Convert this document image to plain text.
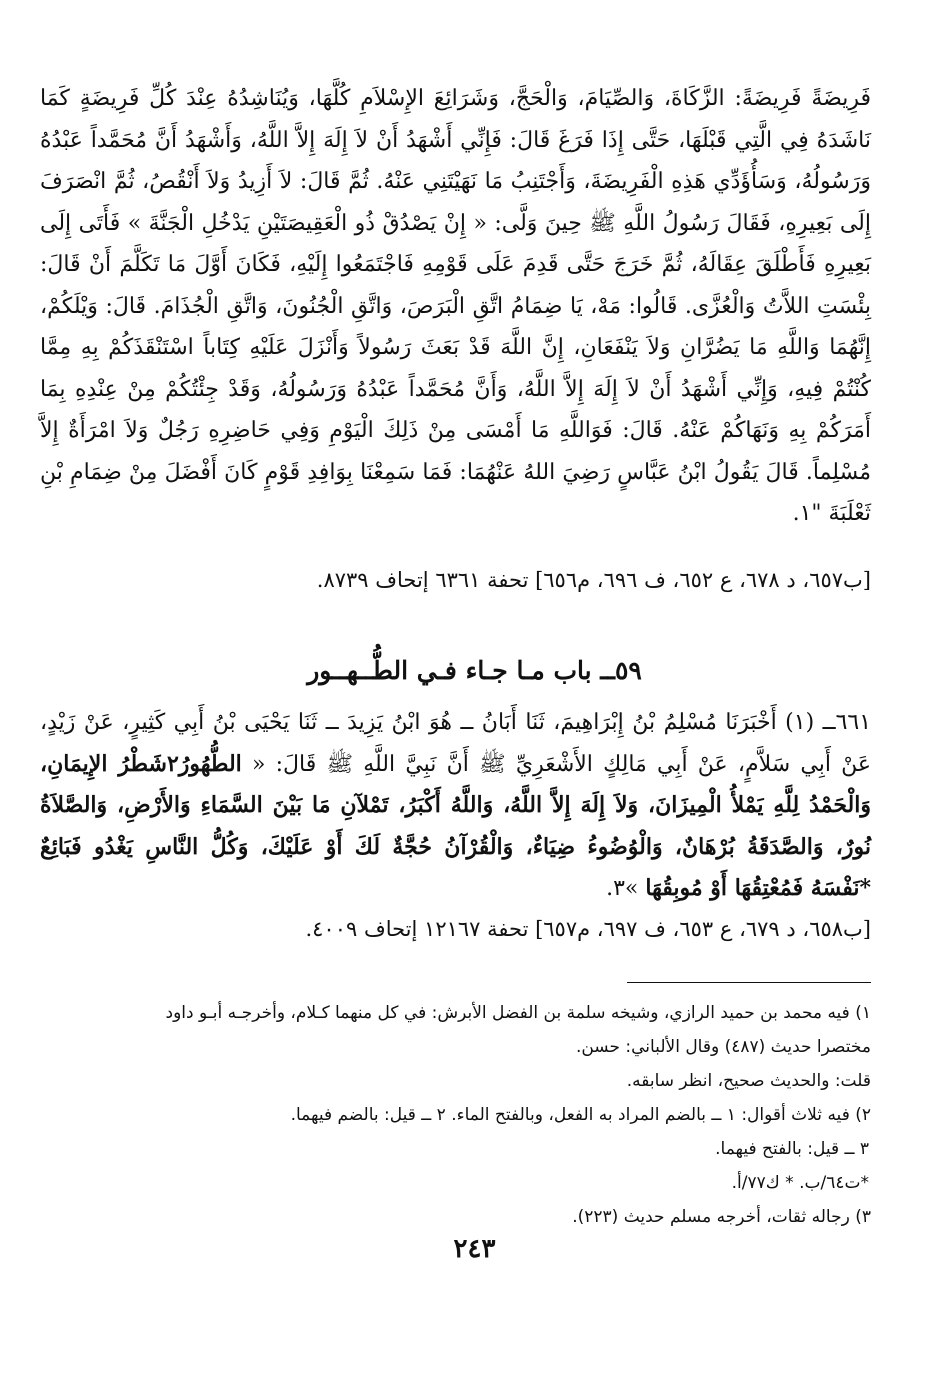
فَرِيضَةً فَرِيضَةً: الزَّكَاةَ، وَالصِّيَامَ، وَالْحَجَّ، وَشَرَائِعَ الإِسْلاَمِ كُلَّهَا، وَيُنَاشِدُهُ عِنْدَ كُلِّ فَرِيضَةٍ كَمَا نَاشَدَهُ فِي الَّتِي قَبْلَهَا، حَتَّى إِذَا فَرَغَ قَالَ: فَإِنِّي أَشْهَدُ أَنْ لاَ إِلَهَ إِلاَّ اللَّهُ، وَأَشْهَدُ أَنَّ مُحَمَّداً عَبْدُهُ وَرَسُولُهُ، وَسَأُؤَدِّي هَذِهِ الْفَرِيضَةَ، وَأَجْتَنِبُ مَا نَهَيْتَنِي عَنْهُ. ثُمَّ قَالَ: لاَ أَزِيدُ وَلاَ أَنْقُصُ، ثُمَّ انْصَرَفَ إِلَى بَعِيرِهِ، فَقَالَ رَسُولُ اللَّهِ ﷺ حِينَ وَلَّى: « إِنْ يَصْدُقْ ذُو الْعَقِيصَتَيْنِ يَدْخُلِ الْجَنَّةَ » فَأَتَى إِلَى بَعِيرِهِ فَأَطْلَقَ عِقَالَهُ، ثُمَّ خَرَجَ حَتَّى قَدِمَ عَلَى قَوْمِهِ فَاجْتَمَعُوا إِلَيْهِ، فَكَانَ أَوَّلَ مَا تَكَلَّمَ أَنْ قَالَ: بِئْسَتِ اللاَّتُ وَالْعُزَّى. قَالُوا: مَهْ، يَا ضِمَامُ اتَّقِ الْبَرَصَ، وَاتَّقِ الْجُنُونَ، وَاتَّقِ الْجُذَامَ. قَالَ: وَيْلَكُمْ، إِنَّهُمَا وَاللَّهِ مَا يَضُرَّانِ وَلاَ يَنْفَعَانِ، إِنَّ اللَّهَ قَدْ بَعَثَ رَسُولاً وَأَنْزَلَ عَلَيْهِ كِتَاباً اسْتَنْقَذَكُمْ بِهِ مِمَّا كُنْتُمْ فِيهِ، وَإِنِّي أَشْهَدُ أَنْ لاَ إِلَهَ إِلاَّ اللَّهُ، وَأَنَّ مُحَمَّداً عَبْدُهُ وَرَسُولُهُ، وَقَدْ جِئْتُكُمْ مِنْ عِنْدِهِ بِمَا أَمَرَكُمْ بِهِ وَنَهَاكُمْ عَنْهُ. قَالَ: فَوَاللَّهِ مَا أَمْسَى مِنْ ذَلِكَ الْيَوْمِ وَفِي حَاضِرِهِ رَجُلٌ وَلاَ امْرَأَةٌ إِلاَّ مُسْلِماً. قَالَ يَقُولُ ابْنُ عَبَّاسٍ رَضِيَ اللهُ عَنْهُمَا: فَمَا سَمِعْنَا بِوَافِدِ قَوْمٍ كَانَ أَفْضَلَ مِنْ ضِمَامِ بْنِ ثَعْلَبَةَ "١.
[ب٦٥٧، د ٦٧٨، ع ٦٥٢، ف ٦٩٦، م٦٥٦] تحفة ٦٣٦١ إتحاف ٨٧٣٩.
٥٩ــ باب مـا جـاء فـي الطُّــهــور
٦٦١ــ (١) أَخْبَرَنَا مُسْلِمُ بْنُ إِبْرَاهِيمَ، ثَنَا أَبَانُ ــ هُوَ ابْنُ يَزِيدَ ــ ثَنَا يَحْيَى بْنُ أَبِي كَثِيرٍ، عَنْ زَيْدٍ، عَنْ أَبِي سَلاَّمٍ، عَنْ أَبِي مَالِكٍ الأَشْعَرِيِّ ﷺ أَنَّ نَبِيَّ اللَّهِ ﷺ قَالَ: « الطُّهُورُ٢شَطْرُ الإِيمَانِ، وَالْحَمْدُ لِلَّهِ يَمْلأُ الْمِيزَانَ، وَلاَ إِلَهَ إِلاَّ اللَّهُ، وَاللَّهُ أَكْبَرُ، تَمْلآنِ مَا بَيْنَ السَّمَاءِ وَالأَرْضِ، وَالصَّلاَةُ نُورٌ، وَالصَّدَقَةُ بُرْهَانٌ، وَالْوُضُوءُ ضِيَاءٌ، وَالْقُرْآنُ حُجَّةٌ لَكَ أَوْ عَلَيْكَ، وَكُلُّ النَّاسِ يَغْدُو فَبَائِعٌ *نَفْسَهُ فَمُعْتِقُهَا أَوْ مُوبِقُهَا »٣.
[ب٦٥٨، د ٦٧٩، ع ٦٥٣، ف ٦٩٧، م٦٥٧] تحفة ١٢١٦٧ إتحاف ٤٠٠٩.
١) فيه محمد بن حميد الرازي، وشيخه سلمة بن الفضل الأبرش: في كل منهما كـلام، وأخرجـه أبـو داود
مختصرا حديث (٤٨٧) وقال الألباني: حسن.
قلت: والحديث صحيح، انظر سابقه.
٢) فيه ثلاث أقوال: ١ ــ بالضم المراد به الفعل، وبالفتح الماء. ٢ ــ قيل: بالضم فيهما.
٣ ــ قيل: بالفتح فيهما.
*ت٦٤/ب. * ك٧٧/أ.
٣) رجاله ثقات، أخرجه مسلم حديث (٢٢٣).
٢٤٣
